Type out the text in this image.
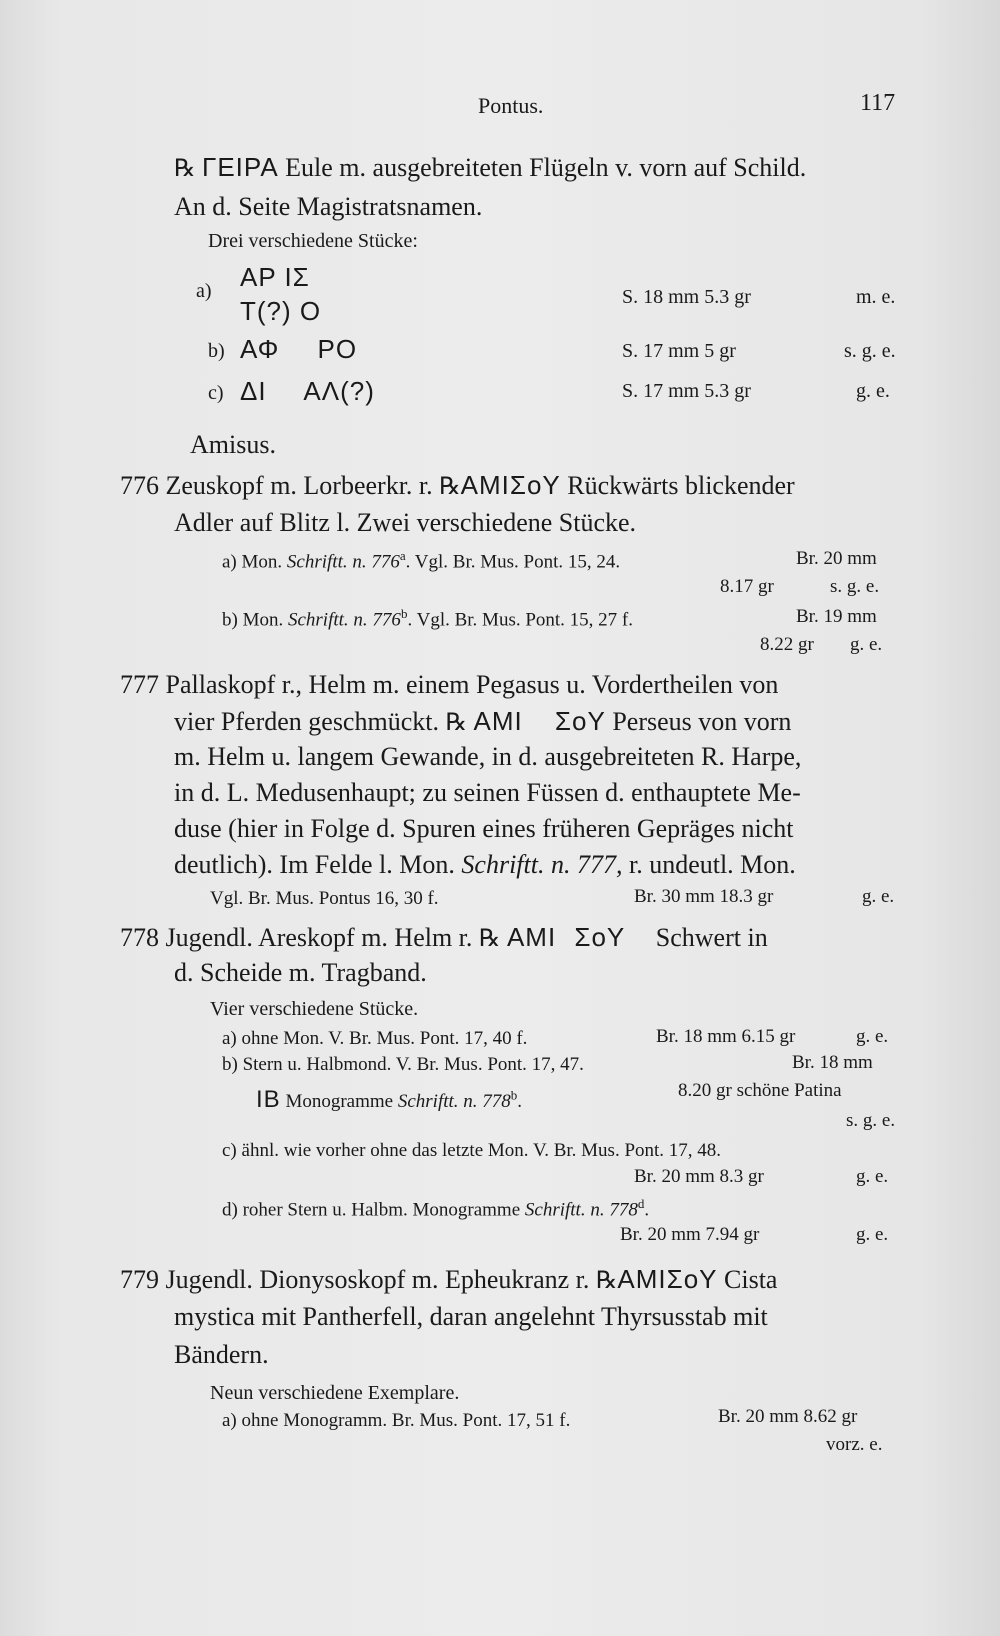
Pontus.	117
℞ ΓΕΙΡΑ Eule m. ausgebreiteten Flügeln v. vorn auf Schild.
An d. Seite Magistratsnamen.
Drei verschiedene Stücke:
a) ΑΡ ΙΣ
Τ(?) Ο	S. 18 mm 5.3 gr	m. e.
b) ΑΦ ΡΟ	S. 17 mm 5 gr	s. g. e.
c) ΔΙ ΑΛ(?)	S. 17 mm 5.3 gr	g. e.
Amisus.
776 Zeuskopf m. Lorbeerkr. r. ℞ΑΜΙΣoΥ Rückwärts blickender
Adler auf Blitz l. Zwei verschiedene Stücke.
a) Mon. Schriftt. n. 776$^a$. Vgl. Br. Mus. Pont. 15, 24.	Br. 20 mm
8.17 gr	s. g. e.
b) Mon. Schriftt. n. 776$^b$. Vgl. Br. Mus. Pont. 15, 27 f.	Br. 19 mm
8.22 gr g. e.
777 Pallaskopf r., Helm m. einem Pegasus u. Vordertheilen von
vier Pferden geschmückt. ℞ ΑΜΙ ΣoΥ Perseus von vorn
m. Helm u. langem Gewande, in d. ausgebreiteten R. Harpe,
in d. L. Medusenhaupt; zu seinen Füssen d. enthauptete Me-
duse (hier in Folge d. Spuren eines früheren Gepräges nicht
deutlich). Im Felde l. Mon. Schriftt. n. 777, r. undeutl. Mon.
Vgl. Br. Mus. Pontus 16, 30 f.	Br. 30 mm 18.3 gr	g. e.
778 Jugendl. Areskopf m. Helm r. ℞ ΑΜΙ ΣoΥ Schwert in
d. Scheide m. Tragband.
Vier verschiedene Stücke.
a) ohne Mon. V. Br. Mus. Pont. 17, 40 f.	Br. 18 mm 6.15 gr	g. e.
b) Stern u. Halbmond. V. Br. Mus. Pont. 17, 47.	Br. 18 mm
ΙΒ Monogramme Schriftt. n. 778$^b$.
8.20 gr schöne Patina
s. g. e.
c) ähnl. wie vorher ohne das letzte Mon. V. Br. Mus. Pont. 17, 48.
Br. 20 mm 8.3 gr	g. e.
d) roher Stern u. Halbm. Monogramme Schriftt. n. 778$^d$.
Br. 20 mm 7.94 gr	g. e.
779 Jugendl. Dionysoskopf m. Epheukranz r. ℞ΑΜΙΣoΥ Cista
mystica mit Pantherfell, daran angelehnt Thyrsusstab mit
Bändern.
Neun verschiedene Exemplare.
a) ohne Monogramm. Br. Mus. Pont. 17, 51 f.	Br. 20 mm 8.62 gr
vorz. e.
